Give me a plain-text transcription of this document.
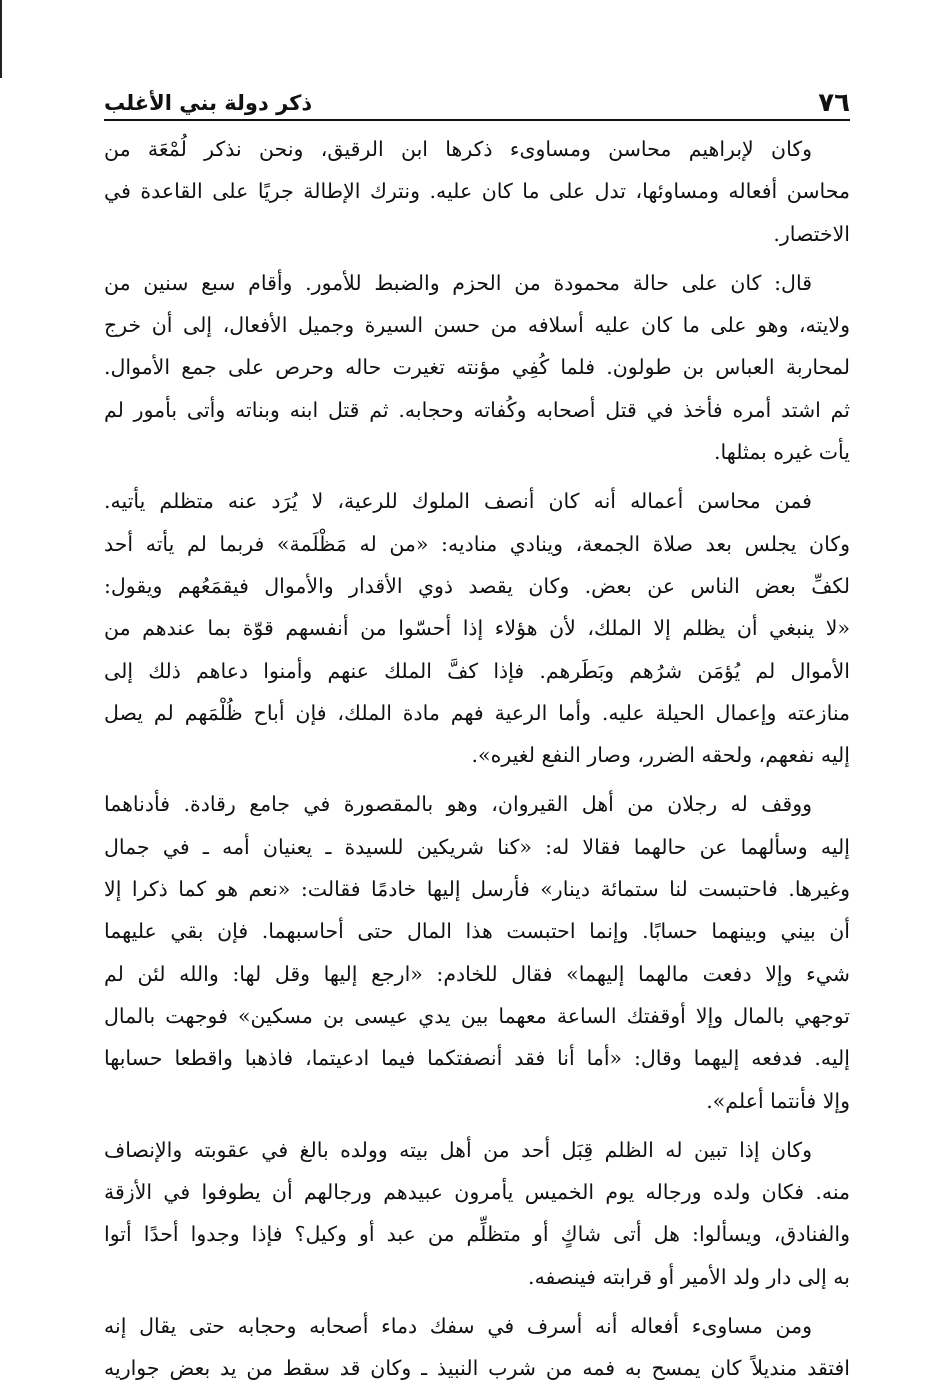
٧٦
ذكر دولة بني الأغلب
وكان لإبراهيم محاسن ومساوىء ذكرها ابن الرقيق، ونحن نذكر لُمْعَة من
محاسن أفعاله ومساوئها، تدل على ما كان عليه. ونترك الإطالة جريًا على القاعدة في
الاختصار.
قال: كان على حالة محمودة من الحزم والضبط للأمور. وأقام سبع سنين من
ولايته، وهو على ما كان عليه أسلافه من حسن السيرة وجميل الأفعال، إلى أن خرج
لمحاربة العباس بن طولون. فلما كُفِي مؤنته تغيرت حاله وحرص على جمع الأموال.
ثم اشتد أمره فأخذ في قتل أصحابه وكُفاته وحجابه. ثم قتل ابنه وبناته وأتى بأمور لم
يأت غيره بمثلها.
فمن محاسن أعماله أنه كان أنصف الملوك للرعية، لا يُرَد عنه متظلم يأتيه.
وكان يجلس بعد صلاة الجمعة، وينادي مناديه: «من له مَظْلَمة» فربما لم يأته أحد
لكفِّ بعض الناس عن بعض. وكان يقصد ذوي الأقدار والأموال فيقمَعُهم ويقول:
«لا ينبغي أن يظلم إلا الملك، لأن هؤلاء إذا أحسّوا من أنفسهم قوّة بما عندهم من
الأموال لم يُؤمَن شرُهم وبَطَرهم. فإذا كفَّ الملك عنهم وأمنوا دعاهم ذلك إلى
منازعته وإعمال الحيلة عليه. وأما الرعية فهم مادة الملك، فإن أباح ظُلْمَهم لم يصل
إليه نفعهم، ولحقه الضرر، وصار النفع لغيره».
ووقف له رجلان من أهل القيروان، وهو بالمقصورة في جامع رقادة. فأدناهما
إليه وسألهما عن حالهما فقالا له: «كنا شريكين للسيدة ـ يعنيان أمه ـ في جمال
وغيرها. فاحتبست لنا ستمائة دينار» فأرسل إليها خادمًا فقالت: «نعم هو كما ذكرا إلا
أن بيني وبينهما حسابًا. وإنما احتبست هذا المال حتى أحاسبهما. فإن بقي عليهما
شيء وإلا دفعت مالهما إليهما» فقال للخادم: «ارجع إليها وقل لها: والله لئن لم
توجهي بالمال وإلا أوقفتك الساعة معهما بين يدي عيسى بن مسكين» فوجهت بالمال
إليه. فدفعه إليهما وقال: «أما أنا فقد أنصفتكما فيما ادعيتما، فاذهبا واقطعا حسابها
وإلا فأنتما أعلم».
وكان إذا تبين له الظلم قِبَل أحد من أهل بيته وولده بالغ في عقوبته والإنصاف
منه. فكان ولده ورجاله يوم الخميس يأمرون عبيدهم ورجالهم أن يطوفوا في الأزقة
والفنادق، ويسألوا: هل أتى شاكٍ أو متظلِّم من عبد أو وكيل؟ فإذا وجدوا أحدًا أتوا
به إلى دار ولد الأمير أو قرابته فينصفه.
ومن مساوىء أفعاله أنه أسرف في سفك دماء أصحابه وحجابه حتى يقال إنه
افتقد منديلاً كان يمسح به فمه من شرب النبيذ ـ وكان قد سقط من يد بعض جواريه
